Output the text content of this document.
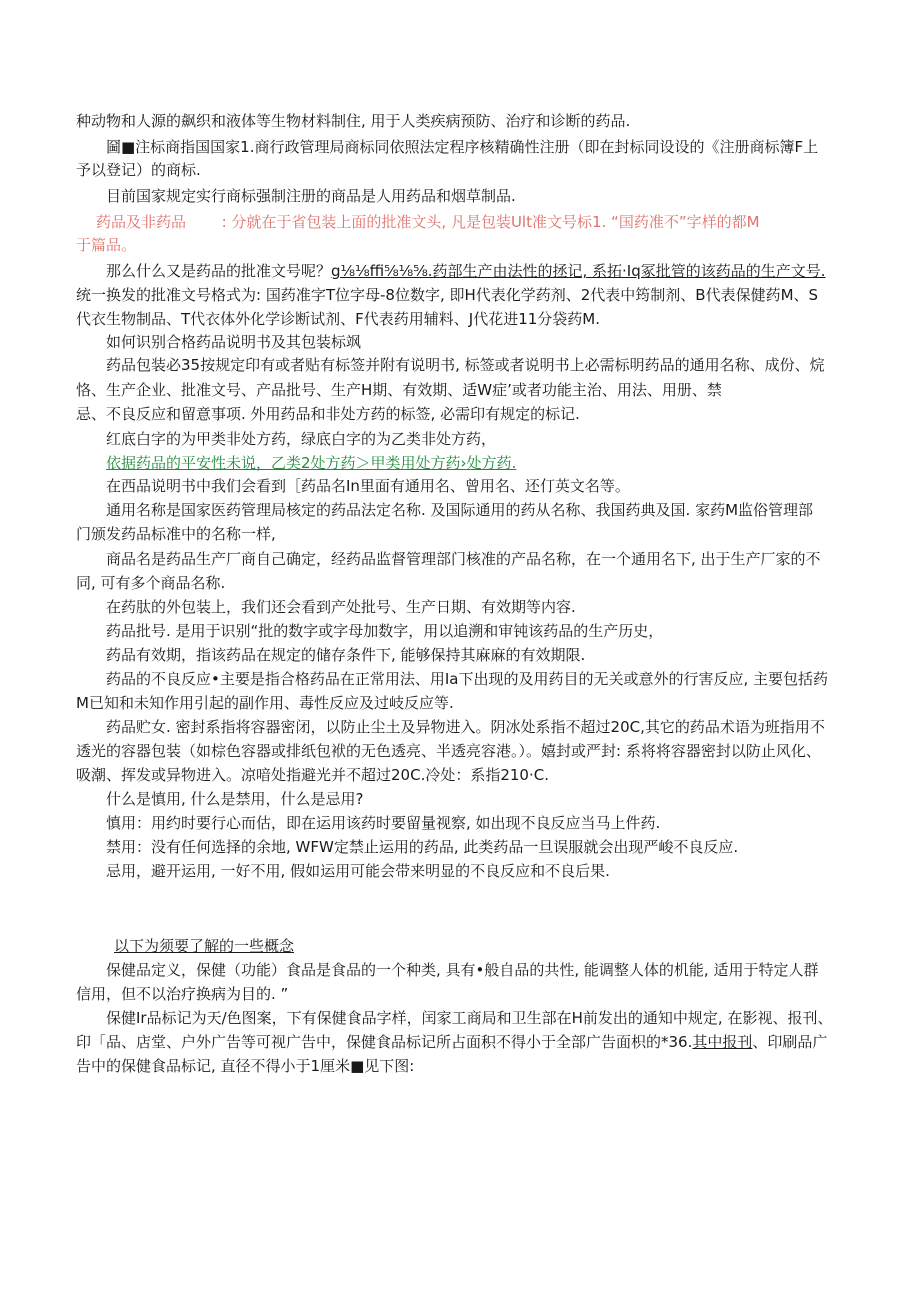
种动物和人源的飙织和液体等生物材料制住, 用于人类疾病预防、治疗和诊断的药品.
圙■注标商指国国家1.商行政管理局商标同依照法定程序核精确性注册（即在封标同设设的《注册商标簿F上
予以登记）的商标.
目前国家规定实行商标强制注册的商品是人用药品和烟草制品.
药品及非药品 : 分就在于省包装上面的批准文头, 凡是包装Ult准文号标1. “国药准不”字样的都M
于篇品。
那么什么又是药品的批准文号呢？g⅛⅛ffi⅝⅛⅝.药部生产由法性的拯记, 系拓·Iq冢批管的该药品的生产文号.
统一换发的批准文号格式为: 国药准字T位字母-8位数字, 即H代表化学药剂、2代表中筠制剂、B代表保健药M、S
代衣生物制品、T代衣体外化学诊断试剂、F代表药用辅料、J代花进11分袋药M.
如何识别合格药品说明书及其包装标飒
药品包装必35按规定印有或者贴有标签并附有说明书, 标签或者说明书上必需标明药品的通用名称、成份、烷
恪、生产企业、批准文号、产品批号、生产H期、有效期、适W症’或者功能主治、用法、用册、禁
忌、不良反应和留意事项. 外用药品和非处方药的标签, 必需印有规定的标记.
红底白字的为甲类非处方药，绿底白字的为乙类非处方药，
依据药品的平安性未说，乙类2处方药＞甲类用处方药›处方药.
在西品说明书中我们会看到［药品名In里面有通用名、曾用名、还仃英文名等。
通用名称是国家医药管理局核定的药品法定名称. 及国际通用的药从名称、我国药典及国. 家药M监俗管理部
门颁发药品标准中的名称一样,
商品名是药品生产厂商自己确定，经药品监督管理部门核准的产品名称，在一个通用名下, 出于生产厂家的不
同, 可有多个商品名称.
在药肽的外包装上，我们还会看到产处批号、生产日期、有效期等内容.
药品批号. 是用于识别“批的数字或字母加数字，用以追溯和审钝该药品的生产历史，
药品有效期，指该药品在规定的储存条件下, 能够保持其麻麻的有效期限.
药品的不良反应•主要是指合格药品在正常用法、用Ia下出现的及用药目的无关或意外的行害反应, 主要包括药
M已知和未知作用引起的副作用、毒性反应及过岐反应等.
药品贮女. 密封系指将容器密闭，以防止尘土及异物进入。阴冰处系指不超过20C,其它的药品术语为班指用不
透光的容器包装（如棕色容器或排纸包袱的无色透亮、半透亮容港。）。嬉封或严封: 系将将容器密封以防止风化、
吸潮、挥发或异物进入。凉喑处指避光并不超过20C.冷处：系指210·C.
什么是慎用, 什么是禁用，什么是忌用?
慎用：用约时要行心而估，即在运用该药时要留量视察, 如出现不良反应当马上件药.
禁用：没有任何选择的余地, WFW定禁止运用的药品, 此类药品一旦误服就会出现严峻不良反应.
忌用，避开运用, 一好不用, 假如运用可能会带来明显的不良反应和不良后果.
以下为须要了解的一些概念
保健品定义，保健（功能）食品是食品的一个种类, 具有•般自品的共性, 能调整人体的机能, 适用于特定人群
信用，但不以治疗换病为目的. ”
保健Ir品标记为天/色图案，下有保健食品字样，闰家工商局和卫生部在H前发出的通知中规定, 在影视、报刊、
印「品、店堂、户外广告等可视广告中，保健食品标记所占面积不得小于全部广告面枳的*36.其中报刊、印刷品广
告中的保健食品标记, 直径不得小于1厘米■见下图:
